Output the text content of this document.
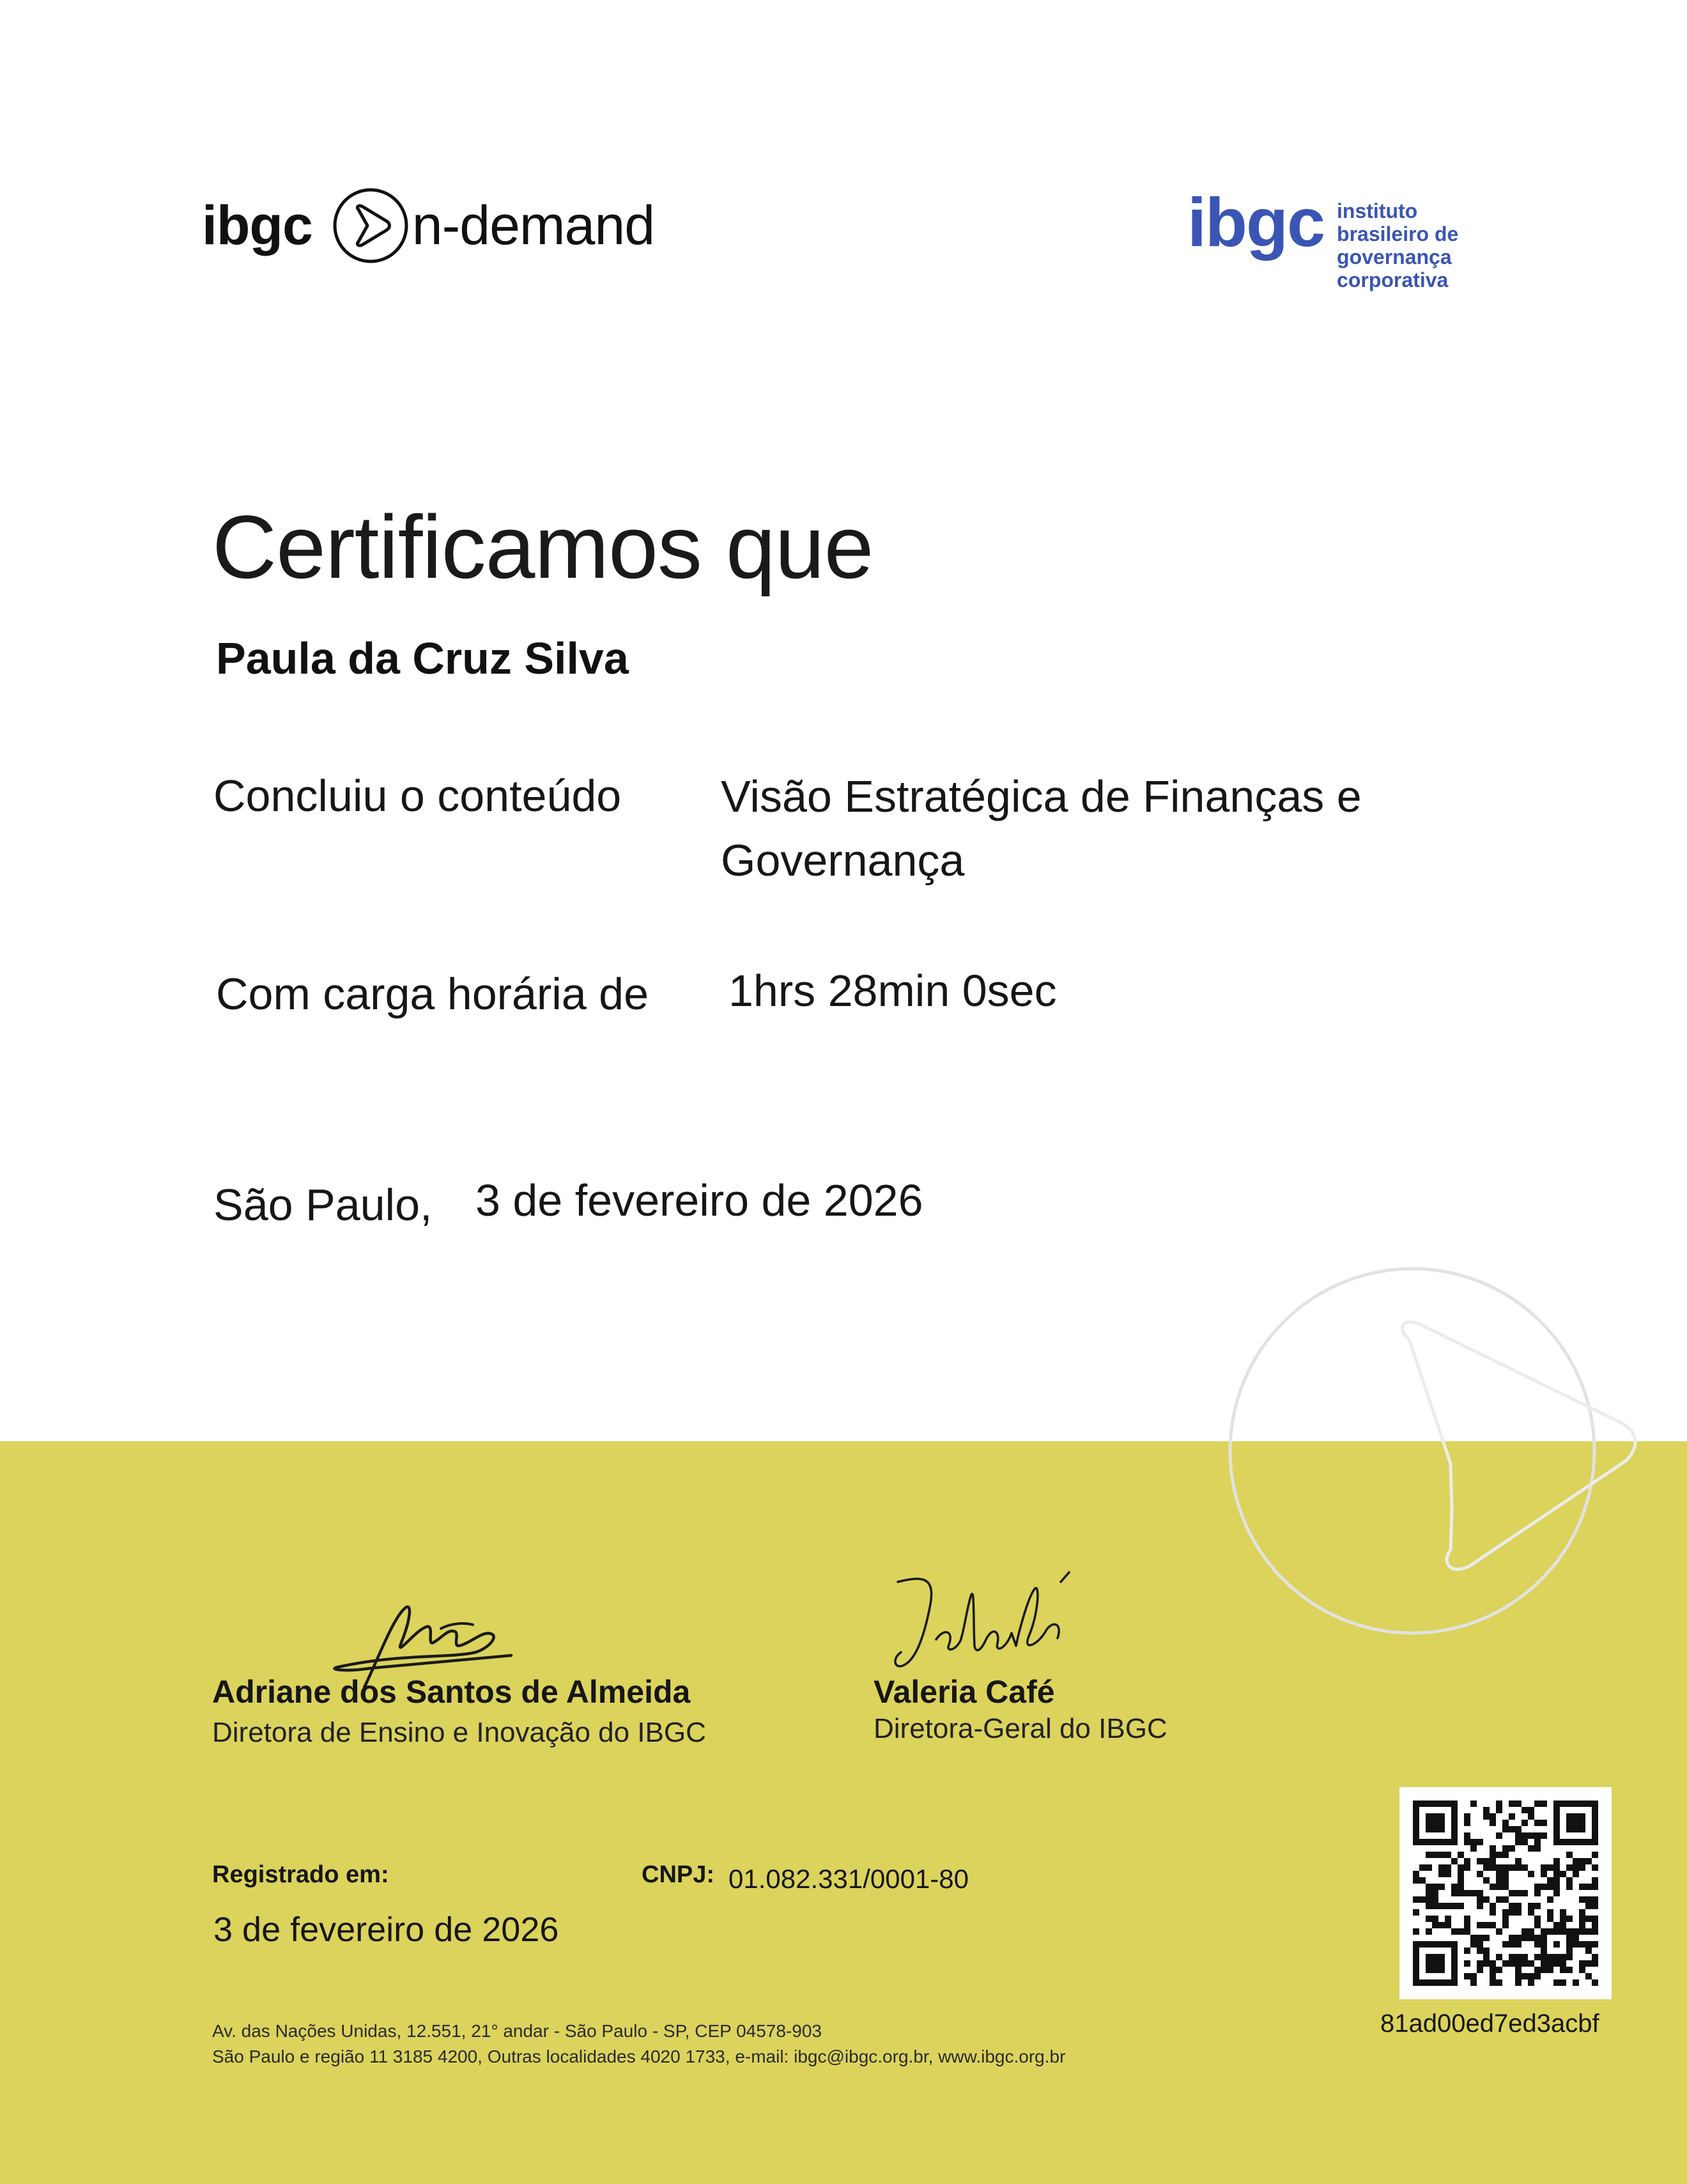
ibgc n-demand	ibgc instituto
brasileiro de
governança
corporativa
Certificamos que
Paula da Cruz Silva
Concluiu o conteúdo Visão Estratégica de Finanças e Governança
Com carga horária de 1hrs 28min 0sec
São Paulo, 3 de fevereiro de 2026
Adriane dos Santos de Almeida
Diretora de Ensino e Inovação do IBGC
Valeria Café
Diretora-Geral do IBGC
Registrado em:
3 de fevereiro de 2026
CNPJ: 01.082.331/0001-80
Av. das Nações Unidas, 12.551, 21° andar - São Paulo - SP, CEP 04578-903
São Paulo e região 11 3185 4200, Outras localidades 4020 1733, e-mail: ibgc@ibgc.org.br, www.ibgc.org.br
81ad00ed7ed3acbf
